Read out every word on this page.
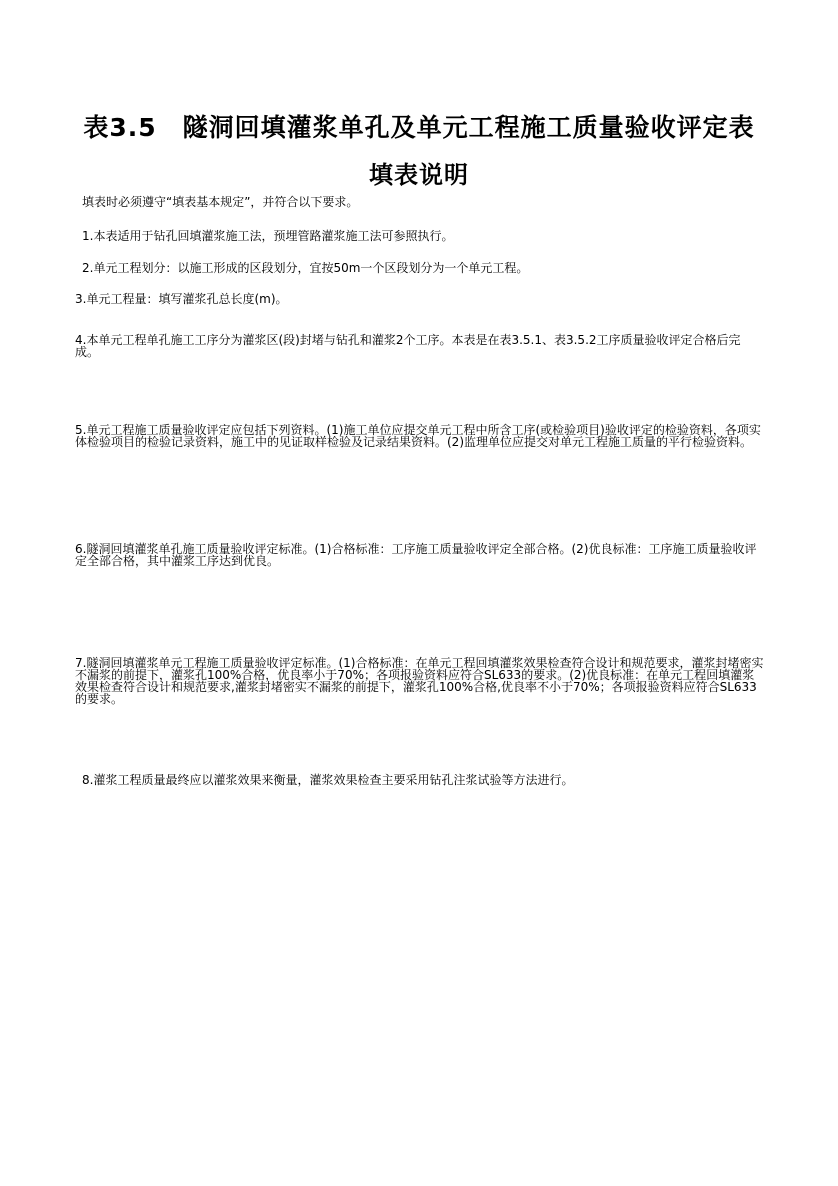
表3.5　隧洞回填灌浆单孔及单元工程施工质量验收评定表
填表说明
填表时必须遵守“填表基本规定”，并符合以下要求。
1.本表适用于钻孔回填灌浆施工法，预埋管路灌浆施工法可参照执行。
2.单元工程划分：以施工形成的区段划分，宜按50m一个区段划分为一个单元工程。
3.单元工程量：填写灌浆孔总长度(m)。
4.本单元工程单孔施工工序分为灌浆区(段)封堵与钻孔和灌浆2个工序。本表是在表3.5.1、表3.5.2工序质量验收评定合格后完成。
5.单元工程施工质量验收评定应包括下列资料。(1)施工单位应提交单元工程中所含工序(或检验项目)验收评定的检验资料，各项实体检验项目的检验记录资料，施工中的见证取样检验及记录结果资料。(2)监理单位应提交对单元工程施工质量的平行检验资料。
6.隧洞回填灌浆单孔施工质量验收评定标准。(1)合格标准：工序施工质量验收评定全部合格。(2)优良标准：工序施工质量验收评定全部合格，其中灌浆工序达到优良。
7.隧洞回填灌浆单元工程施工质量验收评定标准。(1)合格标准：在单元工程回填灌浆效果检查符合设计和规范要求，灌浆封堵密实不漏浆的前提下，灌浆孔100%合格，优良率小于70%；各项报验资料应符合SL633的要求。(2)优良标准：在单元工程回填灌浆效果检查符合设计和规范要求,灌浆封堵密实不漏浆的前提下，灌浆孔100%合格,优良率不小于70%；各项报验资料应符合SL633的要求。
8.灌浆工程质量最终应以灌浆效果来衡量，灌浆效果检查主要采用钻孔注浆试验等方法进行。
